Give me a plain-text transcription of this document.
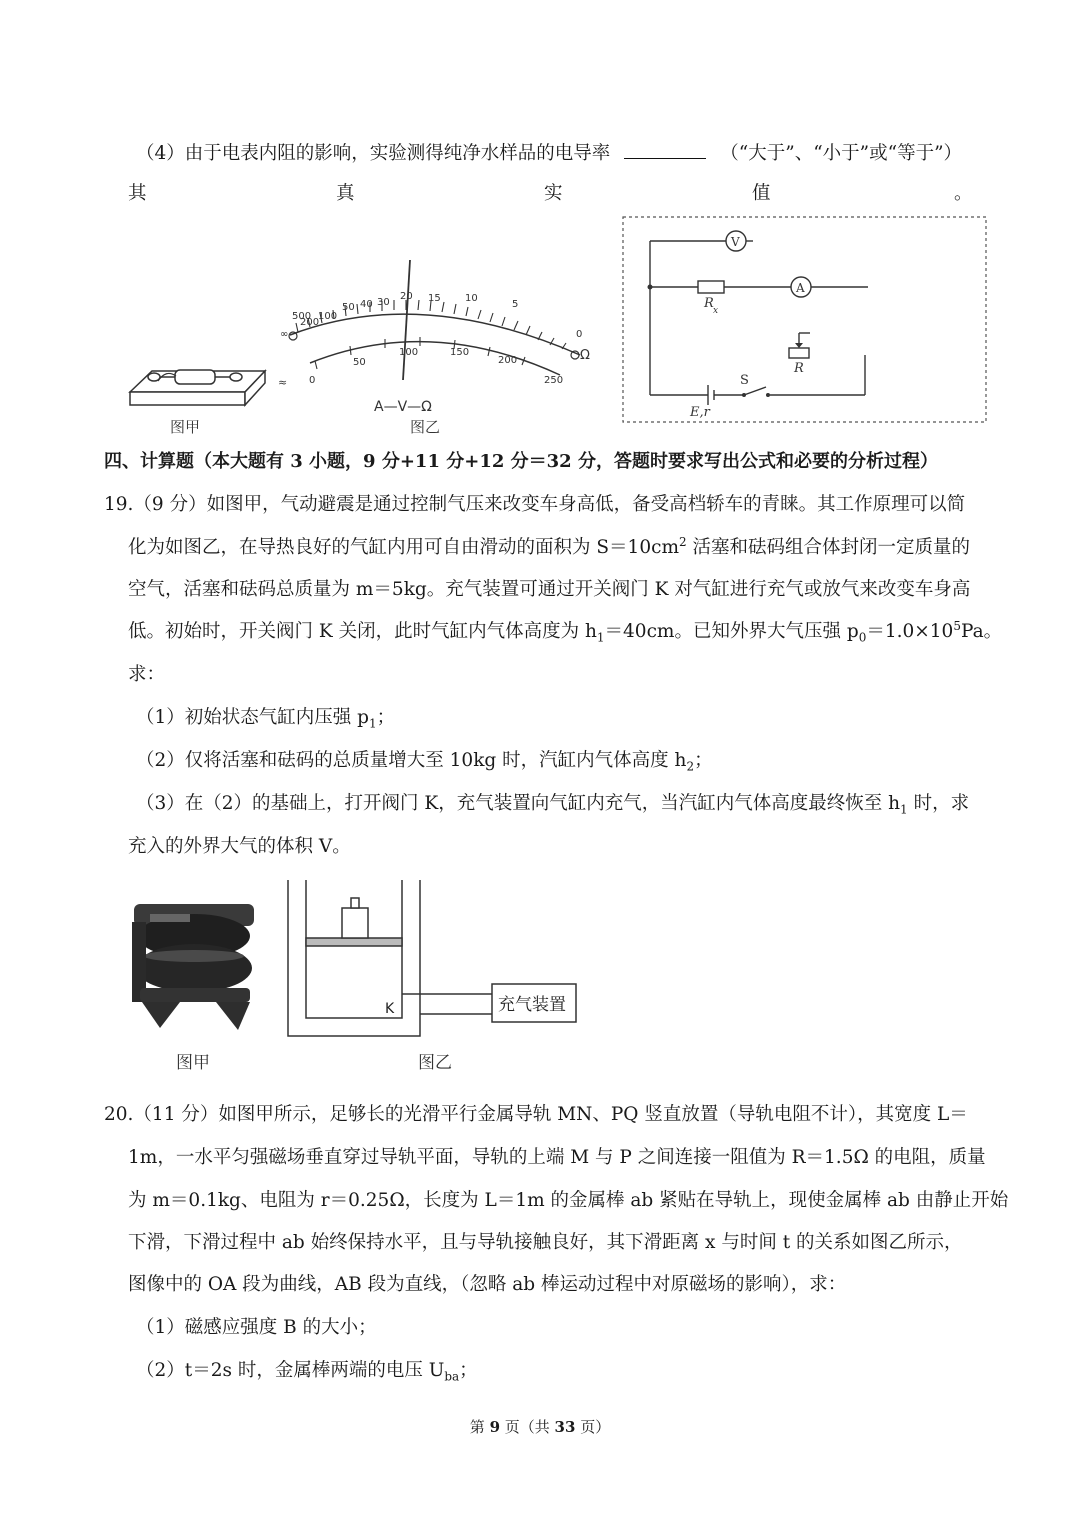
（4）由于电表内阻的影响，实验测得纯净水样品的电导率	（“大于”、“小于”或“等于”）
其	真	实	值	。
≈
∞
500
200
100
50 40 30
20 15 10
5
0
0
50
100	150
200
250
Ω
A—V—Ω
图甲	图乙
V
A
R x
R
S
E,r
四、计算题（本大题有 3 小题，9 分+11 分+12 分＝32 分，答题时要求写出公式和必要的分析过程）
19.（9 分）如图甲，气动避震是通过控制气压来改变车身高低，备受高档轿车的青睐。其工作原理可以简
化为如图乙，在导热良好的气缸内用可自由滑动的面积为 $S=10cm^2$ 活塞和砝码组合体封闭一定质量的
空气，活塞和砝码总质量为 m＝5kg。充气装置可通过开关阀门 K 对气缸进行充气或放气来改变车身高
低。初始时，开关阀门 K 关闭，此时气缸内气体高度为 $h_1=40cm$。已知外界大气压强 $p_0=1.0\times 10^5Pa$。
求：
（1）初始状态气缸内压强 $p_1$；
（2）仅将活塞和砝码的总质量增大至 10kg 时，汽缸内气体高度 $h_2$；
（3）在（2）的基础上，打开阀门 K，充气装置向气缸内充气，当汽缸内气体高度最终恢至 $h_1$ 时，求
充入的外界大气的体积 V。
K	充气装置
图甲	图乙
20.（11 分）如图甲所示，足够长的光滑平行金属导轨 MN、PQ 竖直放置（导轨电阻不计），其宽度 L＝
1m，一水平匀强磁场垂直穿过导轨平面，导轨的上端 M 与 P 之间连接一阻值为 R＝1.5Ω 的电阻，质量
为 m＝0.1kg、电阻为 r＝0.25Ω，长度为 L＝1m 的金属棒 ab 紧贴在导轨上，现使金属棒 ab 由静止开始
下滑，下滑过程中 ab 始终保持水平，且与导轨接触良好，其下滑距离 x 与时间 t 的关系如图乙所示，
图像中的 OA 段为曲线，AB 段为直线，（忽略 ab 棒运动过程中对原磁场的影响），求：
（1）磁感应强度 B 的大小；
（2）t＝2s 时，金属棒两端的电压 $U_{ba}$；
第 9 页（共 33 页）
